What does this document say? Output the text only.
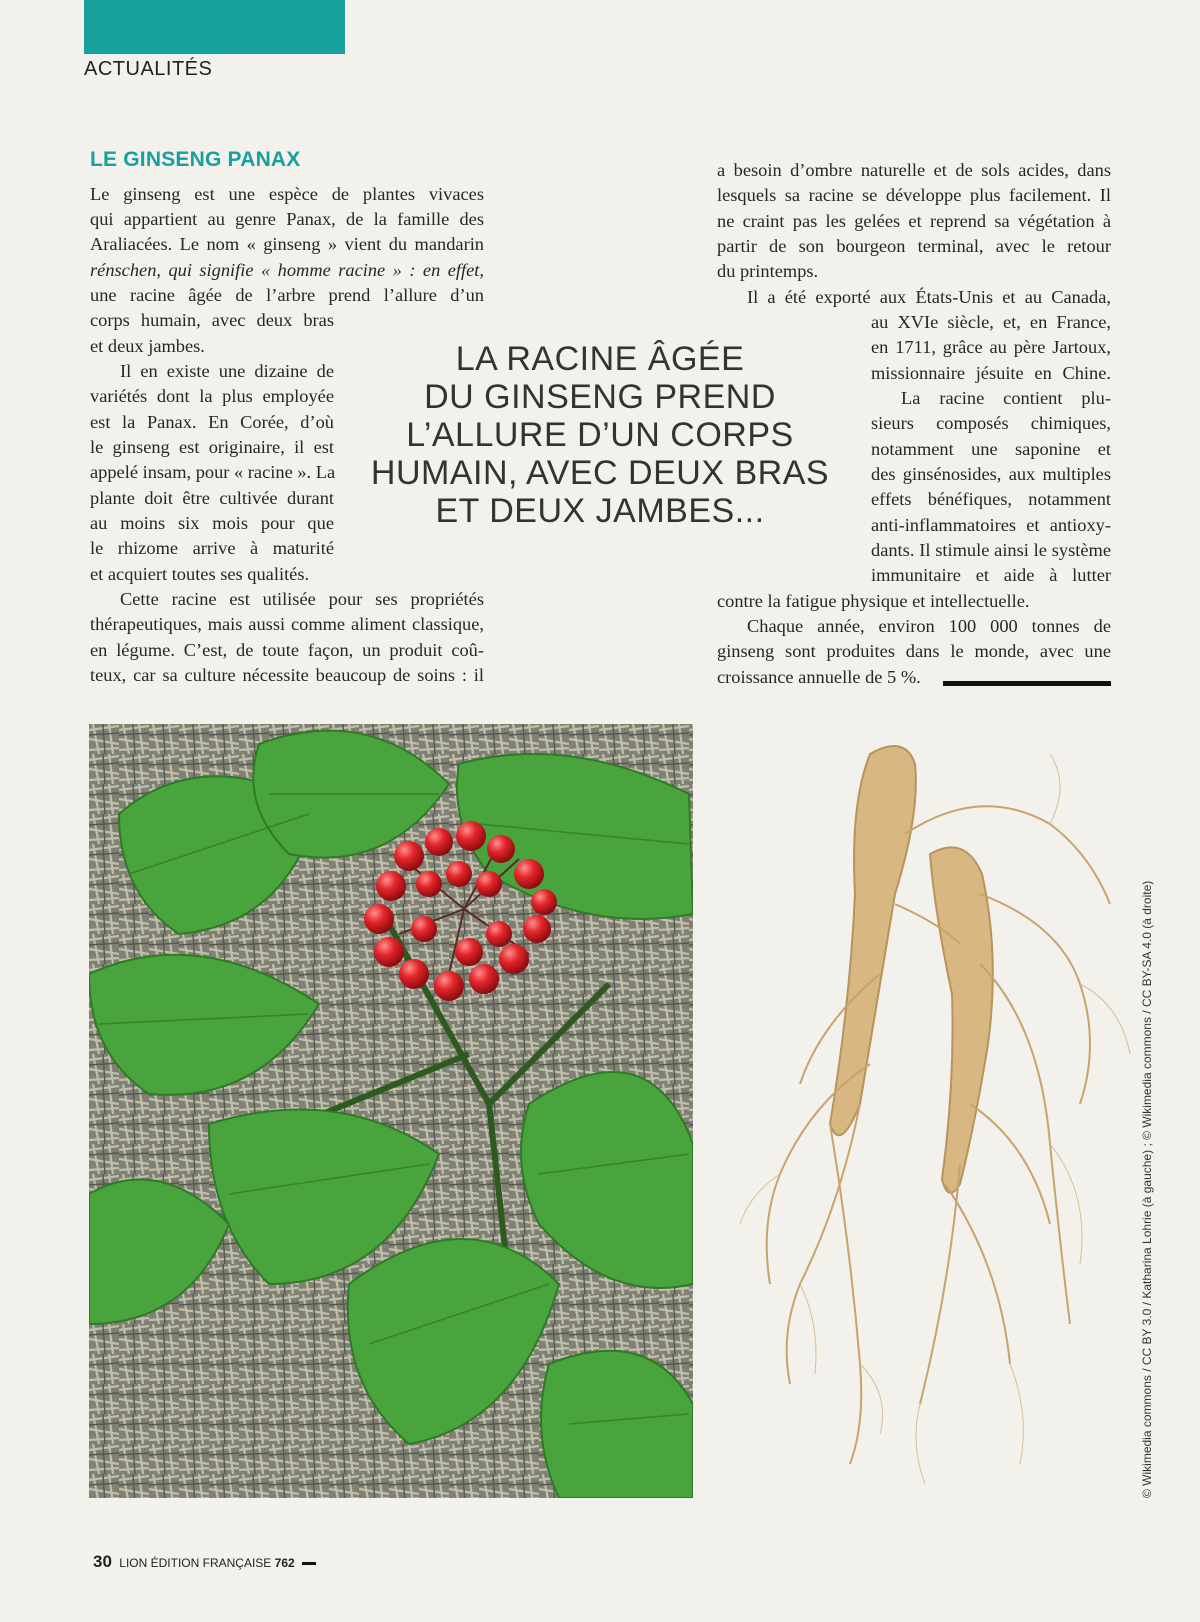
ACTUALITÉS
LE GINSENG PANAX
Le ginseng est une espèce de plantes vivaces
qui appartient au genre Panax, de la famille des
Araliacées. Le nom « ginseng » vient du mandarin
rénschen, qui signifie « homme racine » : en effet,
une racine âgée de l’arbre prend l’allure d’un
corps humain, avec deux bras
et deux jambes.
Il en existe une dizaine de
variétés dont la plus employée
est la Panax. En Corée, d’où
le ginseng est originaire, il est
appelé insam, pour « racine ». La
plante doit être cultivée durant
au moins six mois pour que
le rhizome arrive à maturité
et acquiert toutes ses qualités.
Cette racine est utilisée pour ses propriétés
thérapeutiques, mais aussi comme aliment classique,
en légume. C’est, de toute façon, un produit coû-
teux, car sa culture nécessite beaucoup de soins : il
a besoin d’ombre naturelle et de sols acides, dans
lesquels sa racine se développe plus facilement. Il
ne craint pas les gelées et reprend sa végétation à
partir de son bourgeon terminal, avec le retour
du printemps.
Il a été exporté aux États-Unis et au Canada,
au XVIe siècle, et, en France,
en 1711, grâce au père Jartoux,
missionnaire jésuite en Chine.
La racine contient plu-
sieurs composés chimiques,
notamment une saponine et
des ginsénosides, aux multiples
effets bénéfiques, notamment
anti-inflammatoires et antioxy-
dants. Il stimule ainsi le système
immunitaire et aide à lutter
contre la fatigue physique et intellectuelle.
Chaque année, environ 100 000 tonnes de
ginseng sont produites dans le monde, avec une
croissance annuelle de 5 %.
LA RACINE ÂGÉE
DU GINSENG PREND
L’ALLURE D’UN CORPS
HUMAIN, AVEC DEUX BRAS
ET DEUX JAMBES...
© Wikimedia commons / CC BY 3.0 / Katharina Lohrie (à gauche) ; © Wikimedia commons / CC BY-SA 4.0 (à droite)
30 LION ÉDITION FRANÇAISE 762
